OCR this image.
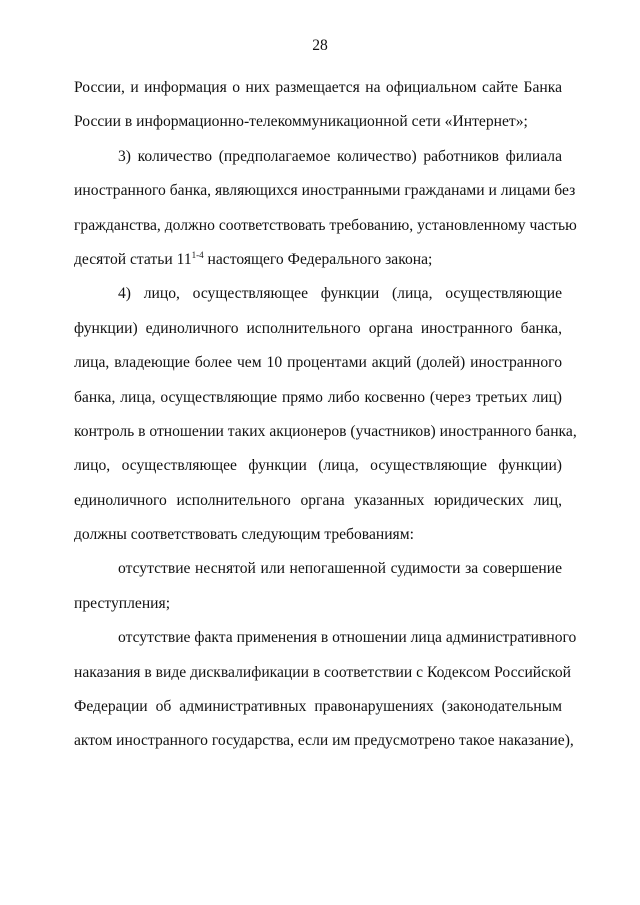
28
России, и информация о них размещается на официальном сайте Банка
России в информационно-телекоммуникационной сети «Интернет»;
3) количество (предполагаемое количество) работников филиала
иностранного банка, являющихся иностранными гражданами и лицами без
гражданства, должно соответствовать требованию, установленному частью
десятой статьи 11$^{1-4}$ настоящего Федерального закона;
4) лицо, осуществляющее функции (лица, осуществляющие
функции) единоличного исполнительного органа иностранного банка,
лица, владеющие более чем 10 процентами акций (долей) иностранного
банка, лица, осуществляющие прямо либо косвенно (через третьих лиц)
контроль в отношении таких акционеров (участников) иностранного банка,
лицо, осуществляющее функции (лица, осуществляющие функции)
единоличного исполнительного органа указанных юридических лиц,
должны соответствовать следующим требованиям:
отсутствие неснятой или непогашенной судимости за совершение
преступления;
отсутствие факта применения в отношении лица административного
наказания в виде дисквалификации в соответствии с Кодексом Российской
Федерации об административных правонарушениях (законодательным
актом иностранного государства, если им предусмотрено такое наказание),
